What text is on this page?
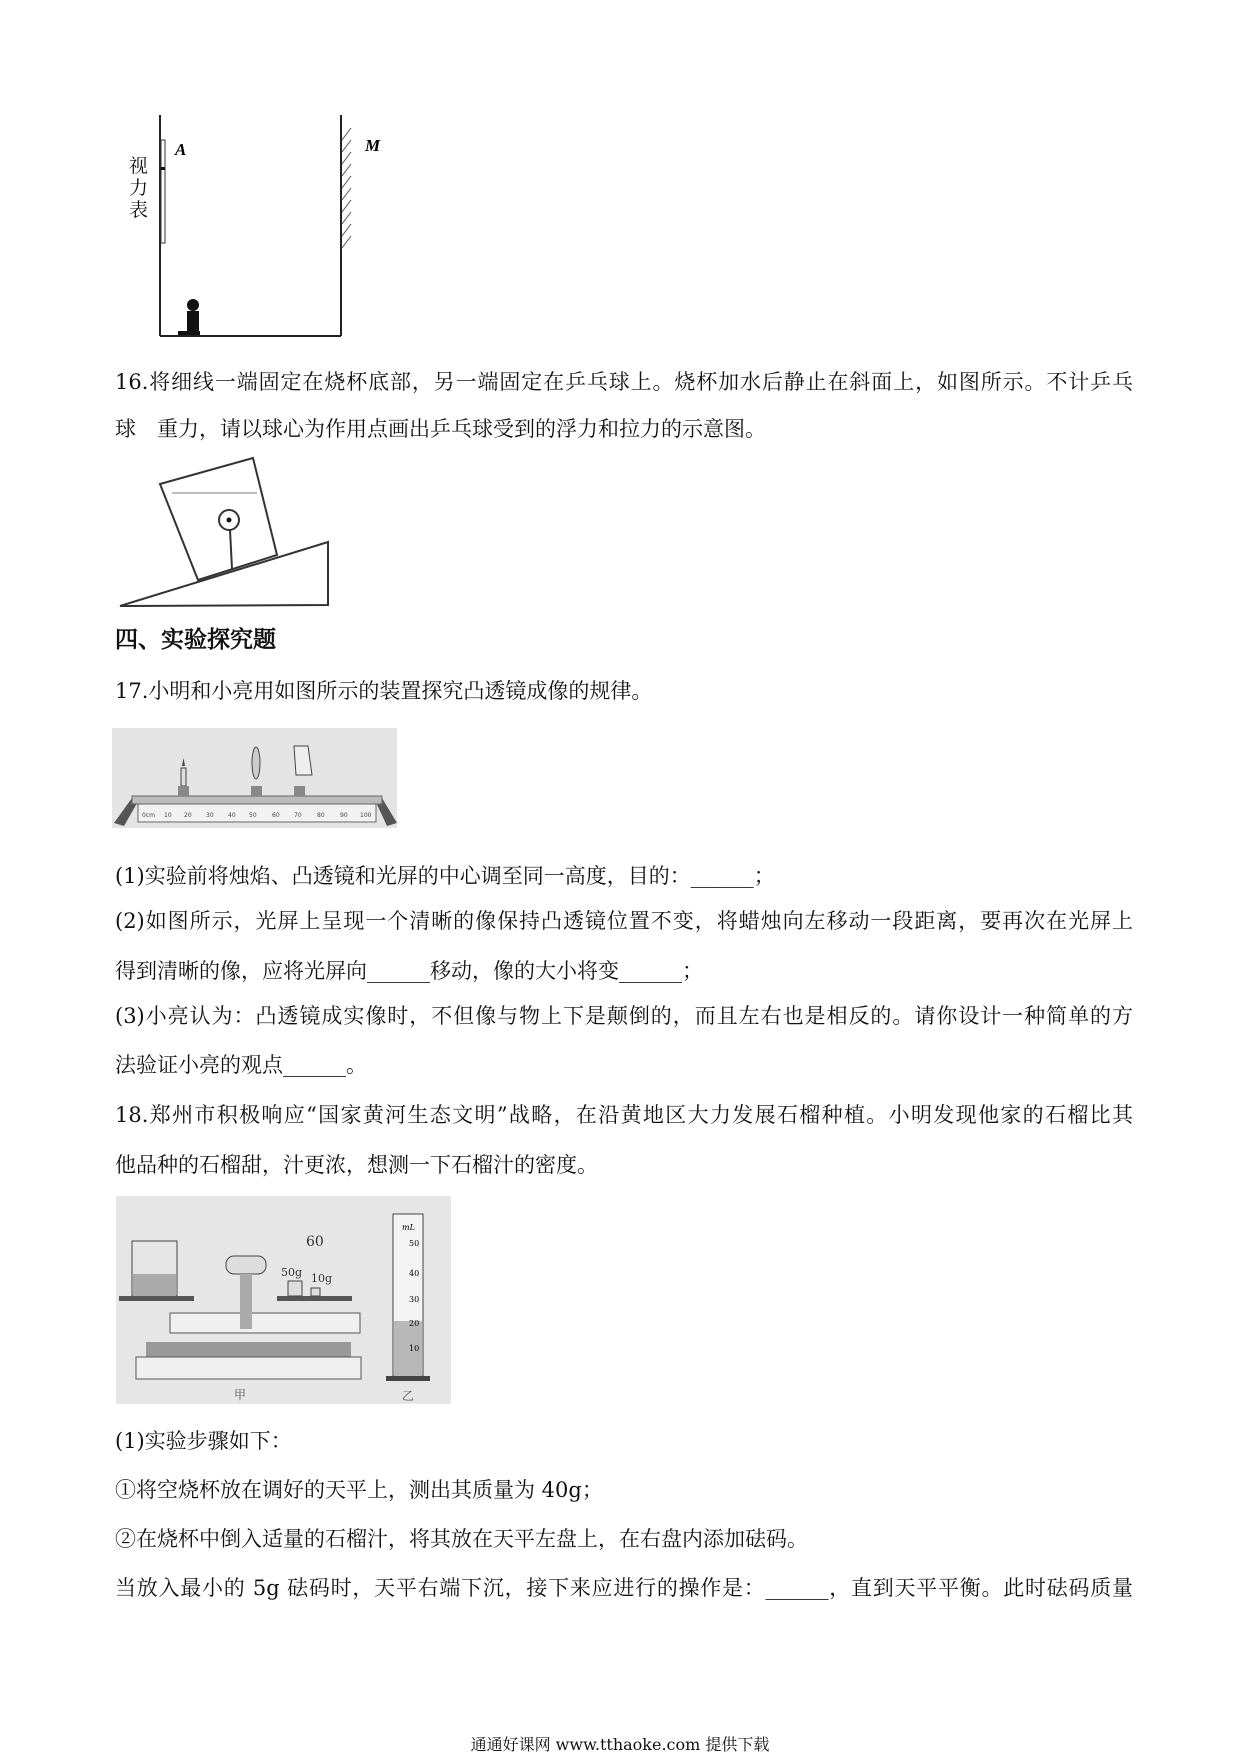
A	M
视力表
16.将细线一端固定在烧杯底部，另一端固定在乒乓球上。烧杯加水后静止在斜面上，如图所示。不计乒乓
球　重力，请以球心为作用点画出乒乓球受到的浮力和拉力的示意图。
四、实验探究题
17.小明和小亮用如图所示的装置探究凸透镜成像的规律。
0cm 10 20 30 40 50	60 70	80	90 100
(1)实验前将烛焰、凸透镜和光屏的中心调至同一高度，目的：______；
(2)如图所示，光屏上呈现一个清晰的像保持凸透镜位置不变，将蜡烛向左移动一段距离，要再次在光屏上
得到清晰的像，应将光屏向______移动，像的大小将变______；
(3)小亮认为：凸透镜成实像时，不但像与物上下是颠倒的，而且左右也是相反的。请你设计一种简单的方
法验证小亮的观点______。
18.郑州市积极响应“国家黄河生态文明”战略，在沿黄地区大力发展石榴种植。小明发现他家的石榴比其
他品种的石榴甜，汁更浓，想测一下石榴汁的密度。
50g 10g
60
甲
mL
50
40
30
20
10
乙
(1)实验步骤如下：
①将空烧杯放在调好的天平上，测出其质量为 40g；
②在烧杯中倒入适量的石榴汁，将其放在天平左盘上，在右盘内添加砝码。
当放入最小的 5g 砝码时，天平右端下沉，接下来应进行的操作是：______，直到天平平衡。此时砝码质量
通通好课网 www.tthaoke.com 提供下载
